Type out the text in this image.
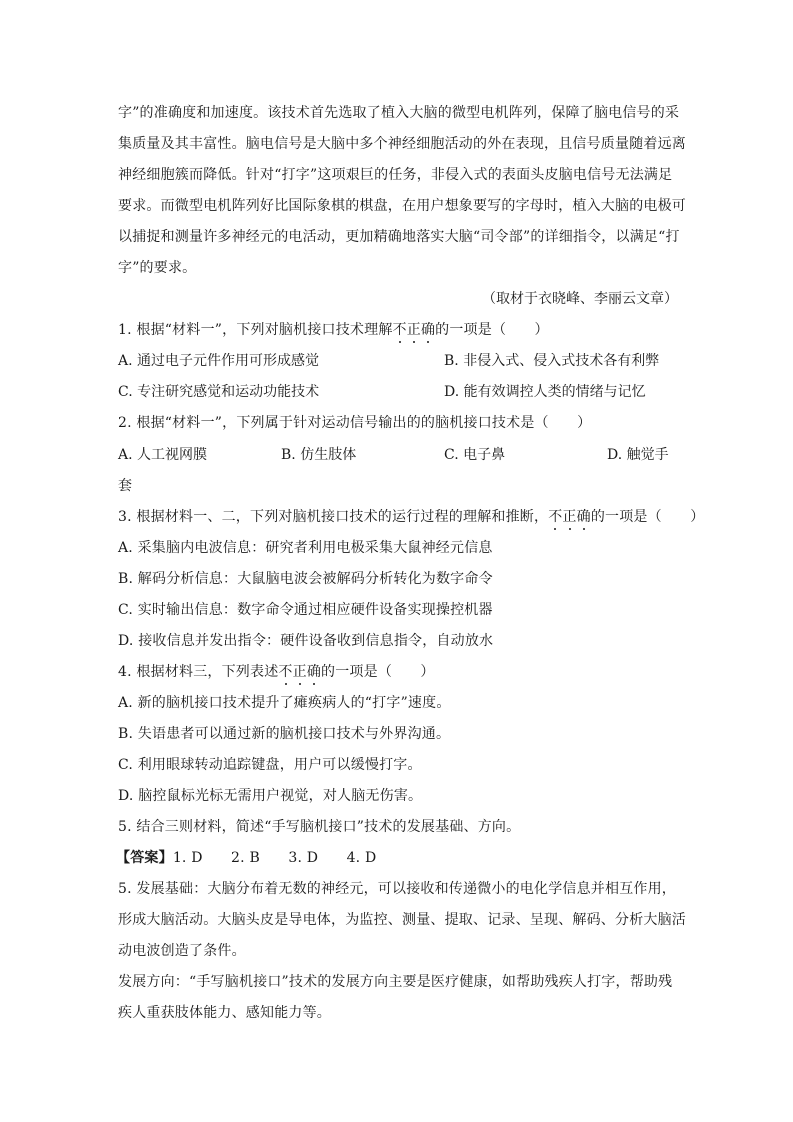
字”的准确度和加速度。该技术首先选取了植入大脑的微型电机阵列，保障了脑电信号的采
集质量及其丰富性。脑电信号是大脑中多个神经细胞活动的外在表现，且信号质量随着远离
神经细胞簇而降低。针对“打字”这项艰巨的任务，非侵入式的表面头皮脑电信号无法满足
要求。而微型电机阵列好比国际象棋的棋盘，在用户想象要写的字母时，植入大脑的电极可
以捕捉和测量许多神经元的电活动，更加精确地落实大脑“司令部”的详细指令，以满足“打
字”的要求。
（取材于衣晓峰、李丽云文章）
1. 根据“材料一”，下列对脑机接口技术理解不正确的一项是（　　）
A. 通过电子元件作用可形成感觉	B. 非侵入式、侵入式技术各有利弊
C. 专注研究感觉和运动功能技术	D. 能有效调控人类的情绪与记忆
2. 根据“材料一”，下列属于针对运动信号输出的的脑机接口技术是（　　）
A. 人工视网膜	B. 仿生肢体	C. 电子鼻	D. 触觉手
套
3. 根据材料一、二，下列对脑机接口技术的运行过程的理解和推断，不正确的一项是（　　）
A. 采集脑内电波信息：研究者利用电极采集大鼠神经元信息
B. 解码分析信息：大鼠脑电波会被解码分析转化为数字命令
C. 实时输出信息：数字命令通过相应硬件设备实现操控机器
D. 接收信息并发出指令：硬件设备收到信息指令，自动放水
4. 根据材料三，下列表述不正确的一项是（　　）
A. 新的脑机接口技术提升了瘫痪病人的“打字”速度。
B. 失语患者可以通过新的脑机接口技术与外界沟通。
C. 利用眼球转动追踪键盘，用户可以缓慢打字。
D. 脑控鼠标光标无需用户视觉，对人脑无伤害。
5. 结合三则材料，简述“手写脑机接口”技术的发展基础、方向。
【答案】1. D　　2. B　　3. D　　4. D
5. 发展基础：大脑分布着无数的神经元，可以接收和传递微小的电化学信息并相互作用，
形成大脑活动。大脑头皮是导电体，为监控、测量、提取、记录、呈现、解码、分析大脑活
动电波创造了条件。
发展方向：“手写脑机接口”技术的发展方向主要是医疗健康，如帮助残疾人打字，帮助残
疾人重获肢体能力、感知能力等。
